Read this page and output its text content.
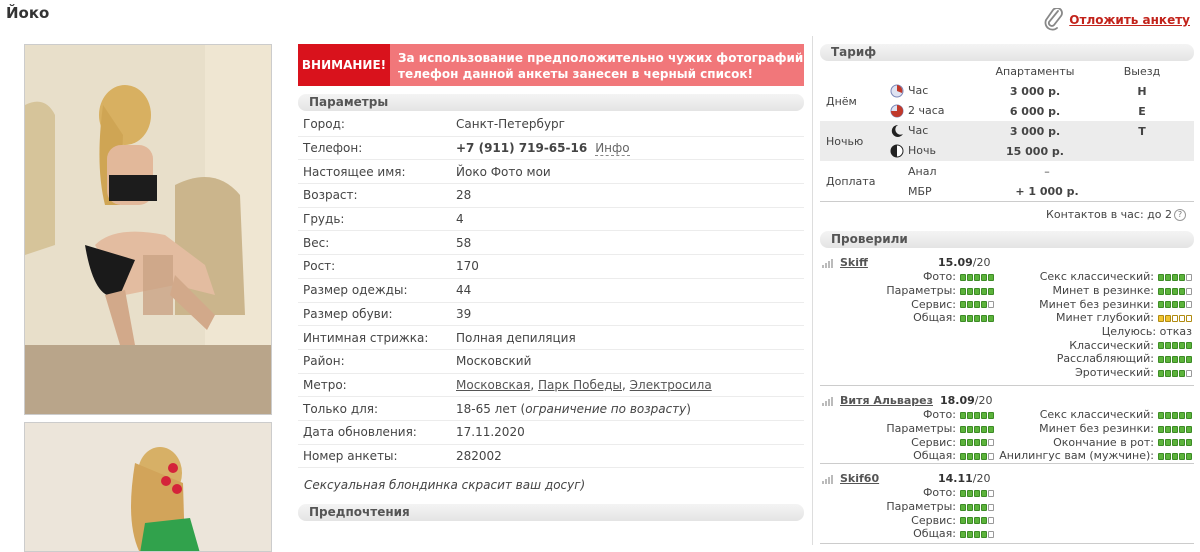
Йоко	Отложить анкету
ВНИМАНИЕ! За использование предположительно чужих фотографий
телефон данной анкеты занесен в черный список!
Параметры
Город:	Санкт-Петербург
Телефон:	+7 (911) 719-65-16 Инфо
Настоящее имя:	Йоко Фото мои
Возраст:	28
Грудь:	4
Вес:	58
Рост:	170
Размер одежды:	44
Размер обуви:	39
Интимная стрижка:	Полная депиляция
Район:	Московский
Метро:	Московская, Парк Победы, Электросила
Только для:	18-65 лет (ограничение по возрасту)
Дата обновления:	17.11.2020
Номер анкеты:	282002
Сексуальная блондинка скрасит ваш досуг)
Предпочтения
Тариф
		Апартаменты	Выезд
Днём	Час	3 000 р.	Н
	2 часа	6 000 р.	Е
Ночью	Час	3 000 р.	Т
	Ночь	15 000 р.	
Доплата	Анал	–	
	МБР	+ 1 000 р.	
Контактов в час: до 2 ?
Проверили
Skiff	15.09/20
Фото:
Параметры:
Сервис:
Общая:
Секс классический:
Минет в резинке:
Минет без резинки:
Минет глубокий:
Целуюсь: отказ
Классический:
Расслабляющий:
Эротический:
Витя Альварез 18.09/20
Фото:
Параметры:
Сервис:
Общая:
Секс классический:
Минет без резинки:
Окончание в рот:
Анилингус вам (мужчине):
Skif60	14.11/20
Фото:
Параметры:
Сервис:
Общая:
